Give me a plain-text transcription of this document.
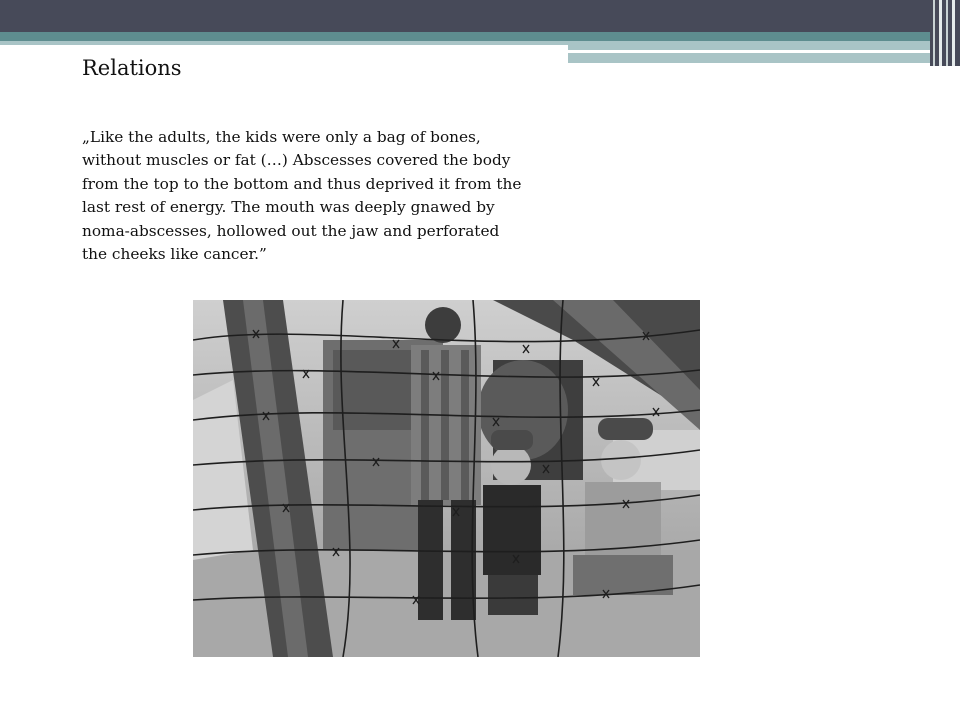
Relations

„Like the adults, the kids were only a bag of bones, without muscles or fat (…) Abscesses covered the body from the top to the bottom and thus deprived it from the last rest of energy. The mouth was deeply gnawed by noma-abscesses, hollowed out the jaw and perforated the cheeks like cancer.”
